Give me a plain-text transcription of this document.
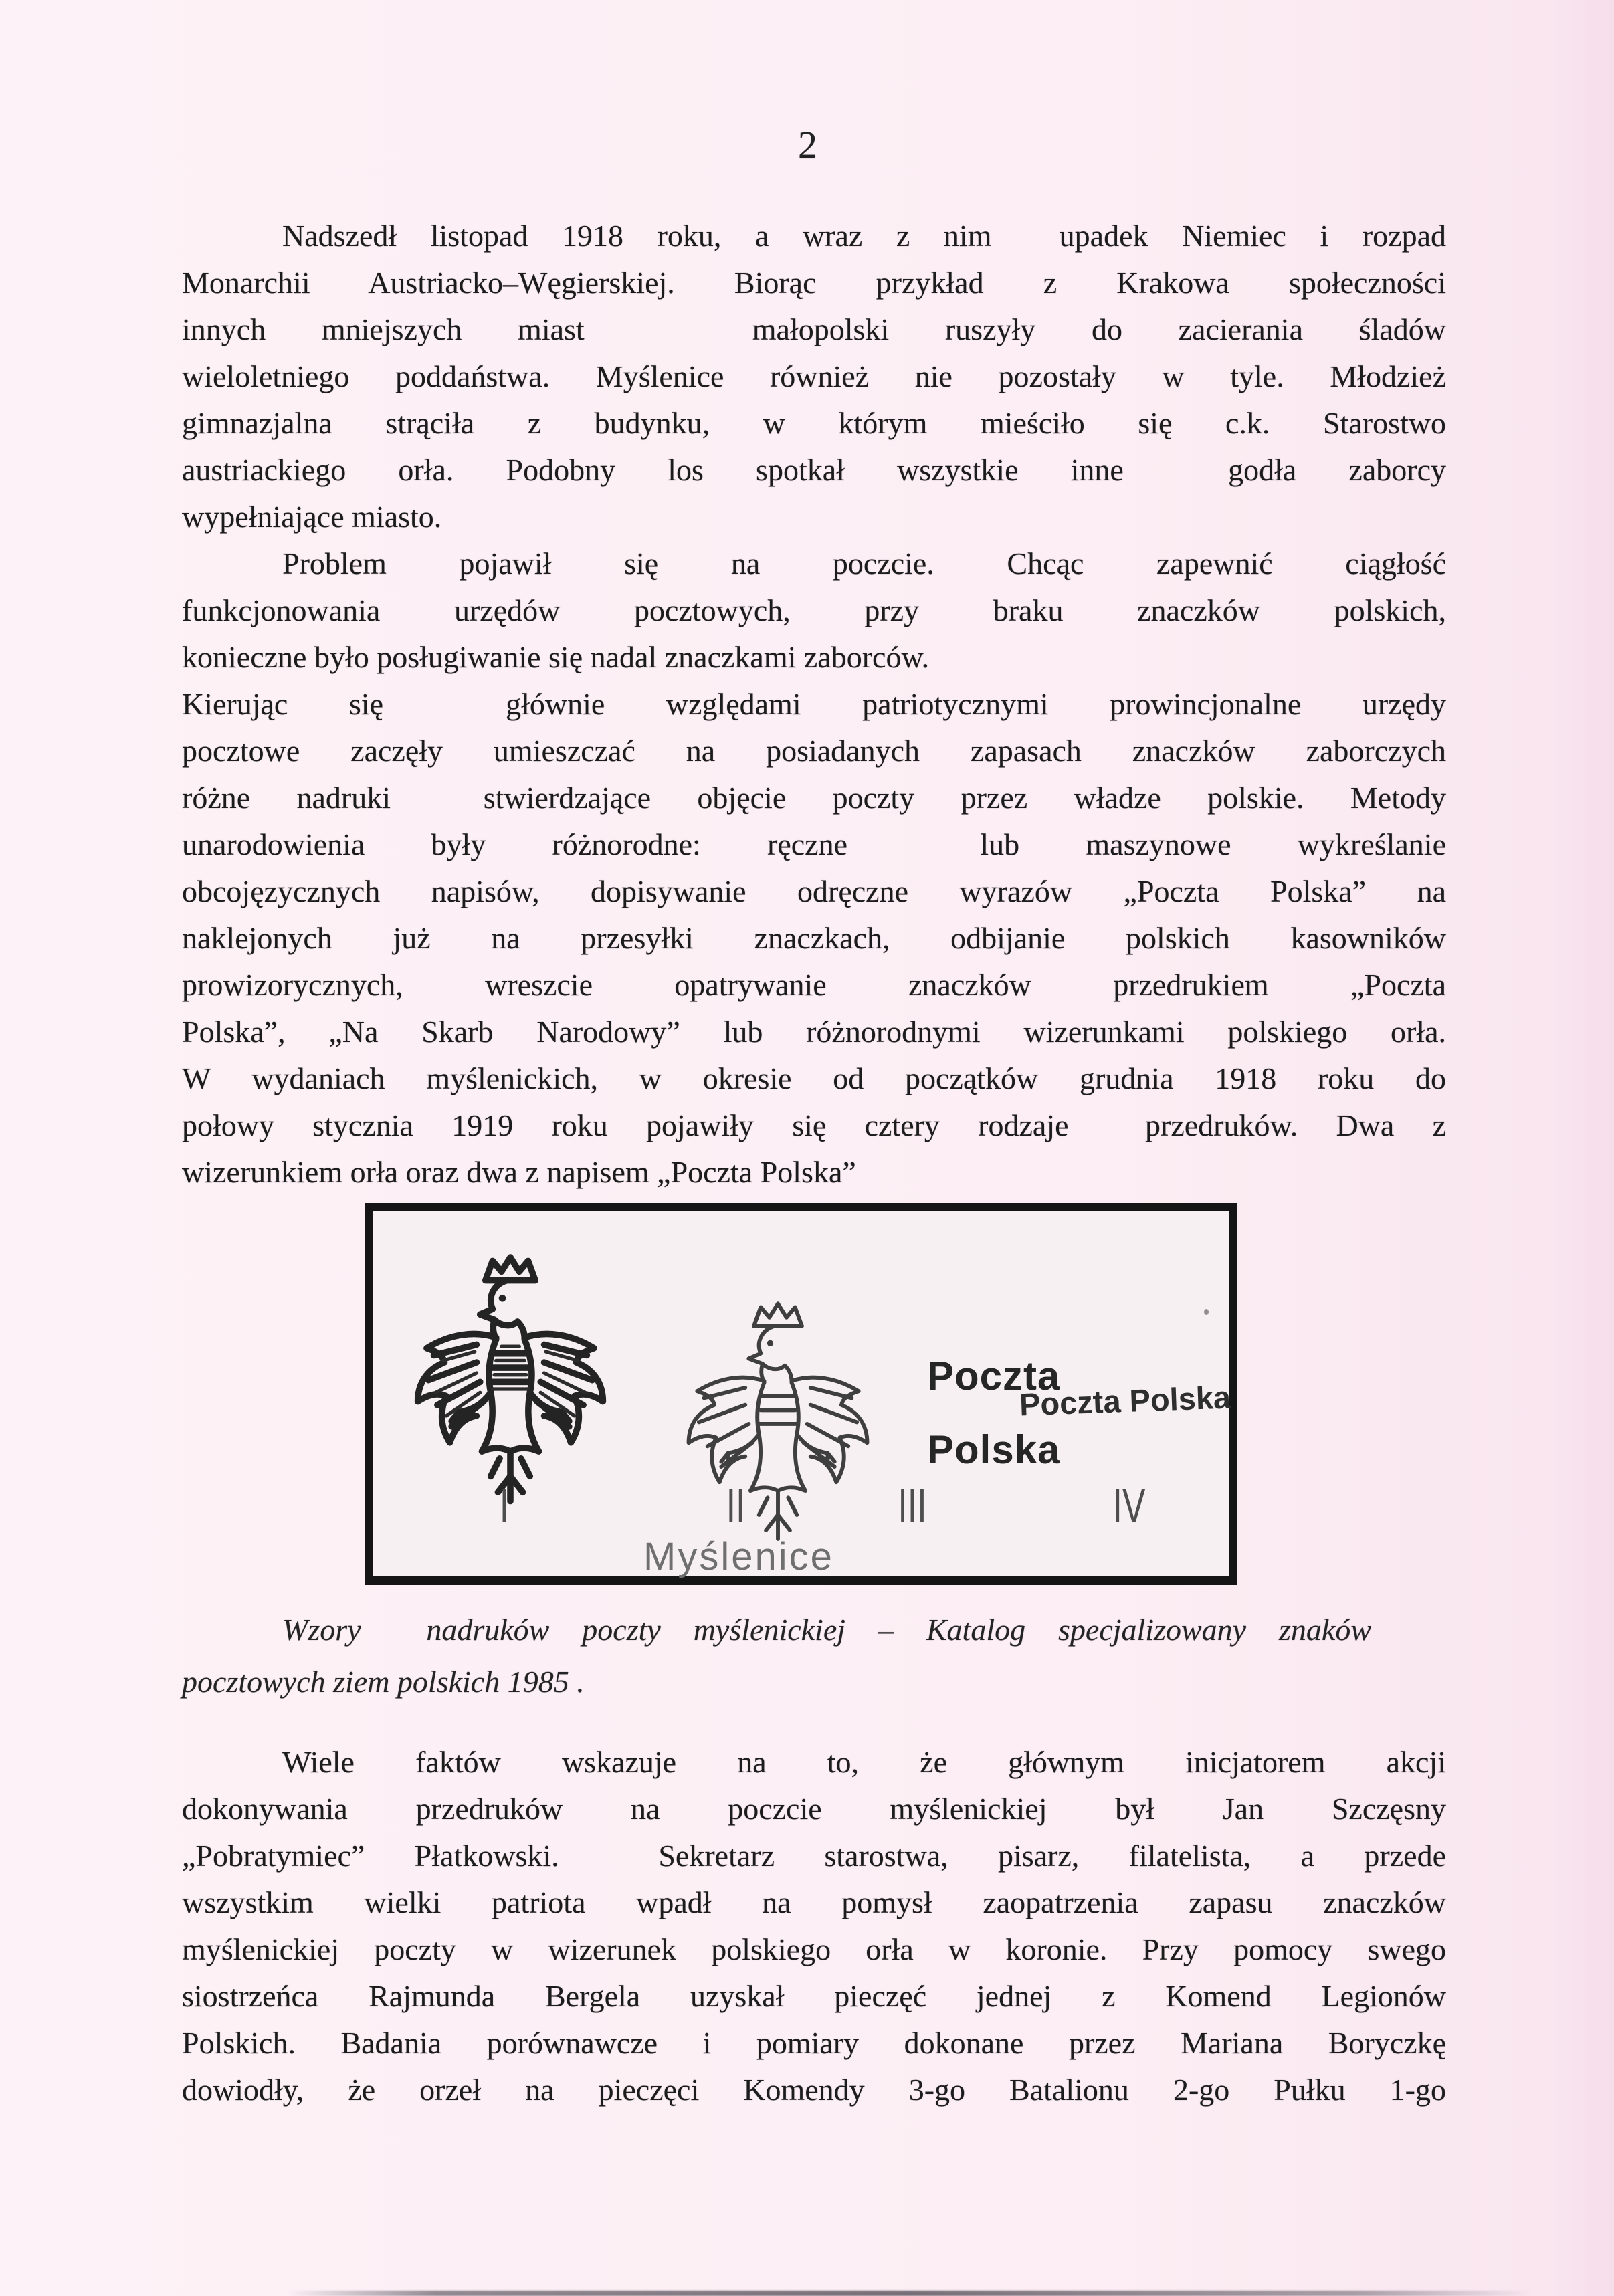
2
Nadszedł listopad 1918 roku, a wraz z nim  upadek Niemiec i rozpad
Monarchii Austriacko–Węgierskiej. Biorąc przykład z Krakowa społeczności
innych mniejszych miast   małopolski ruszyły do zacierania śladów
wieloletniego poddaństwa. Myślenice również nie pozostały w tyle. Młodzież
gimnazjalna strąciła z budynku, w którym mieściło się c.k. Starostwo
austriackiego orła. Podobny los spotkał wszystkie inne  godła zaborcy
wypełniające miasto.
Problem pojawił się na poczcie. Chcąc zapewnić ciągłość
funkcjonowania urzędów pocztowych, przy braku znaczków polskich,
konieczne było posługiwanie się nadal znaczkami zaborców.
Kierując się  głównie względami patriotycznymi prowincjonalne urzędy
pocztowe zaczęły umieszczać na posiadanych zapasach znaczków zaborczych
różne nadruki  stwierdzające objęcie poczty przez władze polskie. Metody
unarodowienia były różnorodne: ręczne  lub maszynowe wykreślanie
obcojęzycznych napisów, dopisywanie odręczne wyrazów „Poczta Polska” na
naklejonych już na przesyłki znaczkach, odbijanie polskich kasowników
prowizorycznych, wreszcie opatrywanie znaczków przedrukiem „Poczta
Polska”, „Na Skarb Narodowy” lub różnorodnymi wizerunkami polskiego orła.
W wydaniach myślenickich, w okresie od początków grudnia 1918 roku do
połowy stycznia 1919 roku pojawiły się cztery rodzaje  przedruków. Dwa z
wizerunkiem orła oraz dwa z napisem „Poczta Polska”
Poczta
Polska
Poczta Polska
I	II	III	IV
Myślenice
Wzory  nadruków poczty myślenickiej – Katalog specjalizowany znaków
pocztowych ziem polskich 1985 .
Wiele faktów wskazuje na to, że głównym inicjatorem akcji
dokonywania przedruków na poczcie myślenickiej był Jan Szczęsny
„Pobratymiec” Płatkowski.  Sekretarz starostwa, pisarz, filatelista, a przede
wszystkim wielki patriota wpadł na pomysł zaopatrzenia zapasu znaczków
myślenickiej poczty w wizerunek polskiego orła w koronie. Przy pomocy swego
siostrzeńca Rajmunda Bergela uzyskał pieczęć jednej z Komend Legionów
Polskich. Badania porównawcze i pomiary dokonane przez Mariana Boryczkę
dowiodły, że orzeł na pieczęci Komendy 3-go Batalionu 2-go Pułku 1-go
